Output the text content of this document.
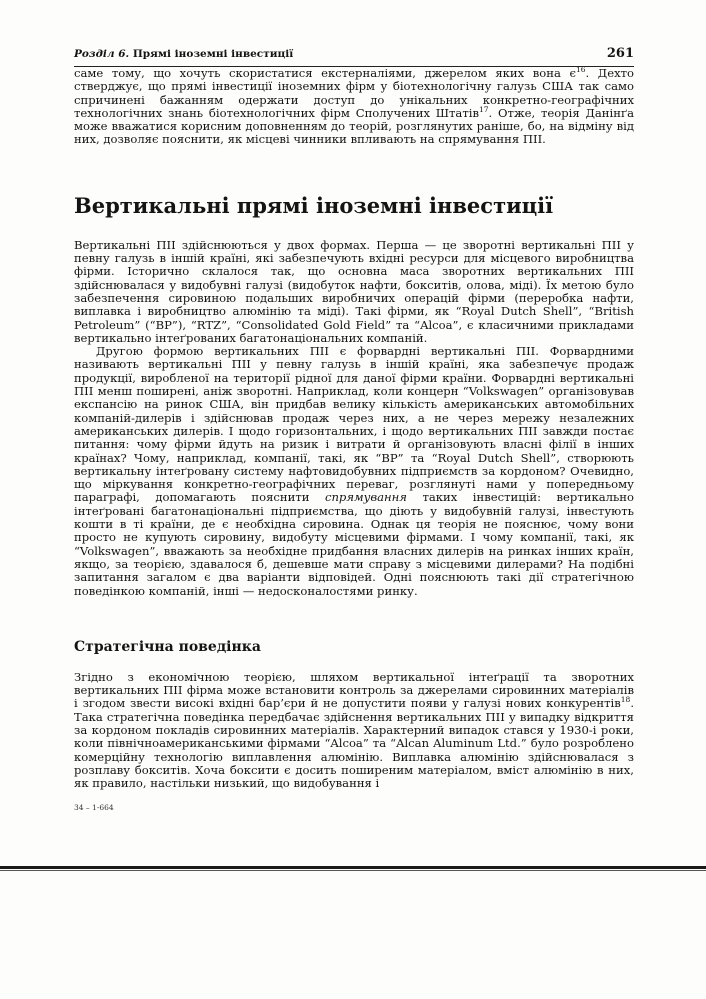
Розділ 6. Прямі іноземні інвестиції	261

саме тому, що хочуть скористатися екстерналіями, джерелом яких вона $є^{16}$. Дехто стверджує, що прямі інвестиції іноземних фірм у біотехнологічну галузь США так само спричинені бажанням одержати доступ до унікальних конкретно-географічних технологічних знань біотехнологічних фірм Сполучених Штатів$^{17}$. Отже, теорія Данінґа може вважатися корисним доповненням до теорій, розглянутих раніше, бо, на відміну від них, дозволяє пояснити, як місцеві чинники впливають на спрямування ПІІ.

Вертикальні прямі іноземні інвестиції

Вертикальні ПІІ здійснюються у двох формах. Перша — це зворотні вертикальні ПІІ у певну галузь в іншій країні, які забезпечують вхідні ресурси для місцевого виробництва фірми. Історично склалося так, що основна маса зворотних вертикальних ПІІ здійснювалася у видобувні галузі (видобуток нафти, бокситів, олова, міді). Їх метою було забезпечення сировиною подальших виробничих операцій фірми (переробка нафти, виплавка і виробництво алюмінію та міді). Такі фірми, як “Royal Dutch Shell”, “British Petroleum” (“BP”), “RTZ”, “Consolidated Gold Field” та “Alcoa”, є класичними прикладами вертикально інтеґрованих багатонаціональних компаній.

Другою формою вертикальних ПІІ є форвардні вертикальні ПІІ. Форвардними називають вертикальні ПІІ у певну галузь в іншій країні, яка забезпечує продаж продукції, виробленої на території рідної для даної фірми країни. Форвардні вертикальні ПІІ менш поширені, аніж зворотні. Наприклад, коли концерн “Volkswagen” організовував експансію на ринок США, він придбав велику кількість американських автомобільних компаній-дилерів і здійснював продаж через них, а не через мережу незалежних американських дилерів. І щодо горизонтальних, і щодо вертикальних ПІІ завжди постає питання: чому фірми йдуть на ризик і витрати й організовують власні філії в інших країнах? Чому, наприклад, компанії, такі, як “BP” та “Royal Dutch Shell”, створюють вертикальну інтеґровану систему нафтовидобувних підприємств за кордоном? Очевидно, що міркування конкретно-географічних переваг, розглянуті нами у попередньому параграфі, допомагають пояснити спрямування таких інвестицій: вертикально інтеґровані багатонаціональні підприємства, що діють у видобувній галузі, інвестують кошти в ті країни, де є необхідна сировина. Однак ця теорія не пояснює, чому вони просто не купують сировину, видобуту місцевими фірмами. І чому компанії, такі, як “Volkswagen”, вважають за необхідне придбання власних дилерів на ринках інших країн, якщо, за теорією, здавалося б, дешевше мати справу з місцевими дилерами? На подібні запитання загалом є два варіанти відповідей. Одні пояснюють такі дії стратегічною поведінкою компаній, інші — недосконалостями ринку.

Стратегічна поведінка

Згідно з економічною теорією, шляхом вертикальної інтеґрації та зворотних вертикальних ПІІ фірма може встановити контроль за джерелами сировинних матеріалів і згодом звести високі вхідні бар’єри й не допустити появи у галузі нових конкурентів$^{18}$. Така стратегічна поведінка передбачає здійснення вертикальних ПІІ у випадку відкриття за кордоном покладів сировинних матеріалів. Характерний випадок стався у 1930-і роки, коли північноамериканськими фірмами “Alcoa” та “Alcan Aluminum Ltd.” було розроблено комерційну технологію виплавлення алюмінію. Виплавка алюмінію здійснювалася з розплаву бокситів. Хоча боксити є досить поширеним матеріалом, вміст алюмінію в них, як правило, настільки низький, що видобування і

34 – 1-664
